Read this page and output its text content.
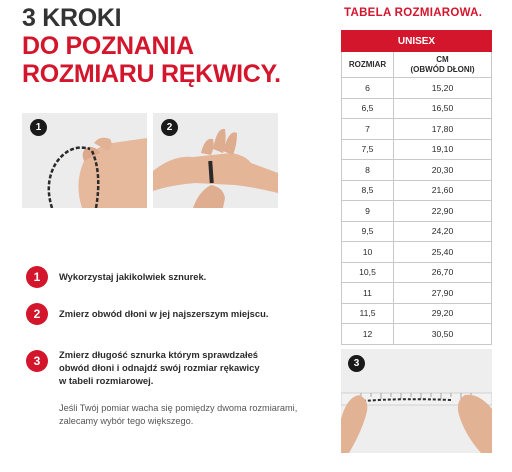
3 KROKI
DO POZNANIA
ROZMIARU RĘKWICY.
1	2
1	Wykorzystaj jakikolwiek sznurek.
2	Zmierz obwód dłoni w jej najszerszym miejscu.
3	Zmierz długość sznurka którym sprawdzałeś
obwód dłoni i odnajdź swój rozmiar rękawicy
w tabeli rozmiarowej.
Jeśli Twój pomiar wacha się pomiędzy dwoma rozmiarami,
zalecamy wybór tego większego.
TABELA ROZMIAROWA.
UNISEX	
ROZMIAR	CM
(OBWÓD DŁONI)

6	15,20
6,5	16,50
7	17,80
7,5	19,10
8	20,30
8,5	21,60
9	22,90
9,5	24,20
10	25,40
10,5	26,70
11	27,90
11,5	29,20
12	30,50
3
